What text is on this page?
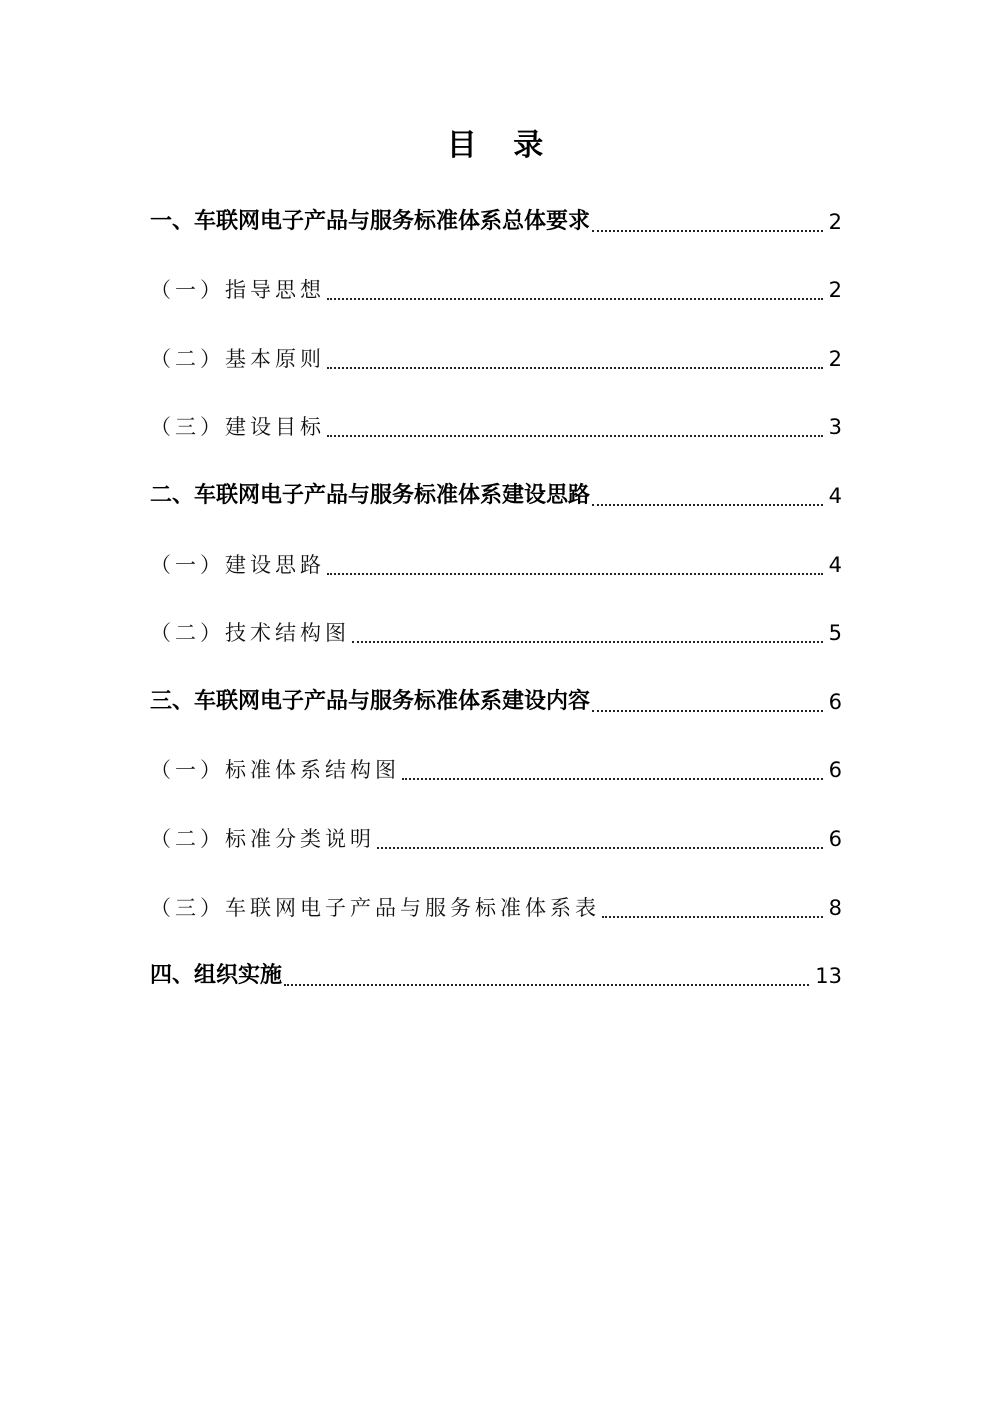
目 录
一、车联网电子产品与服务标准体系总体要求	2
（一）指导思想	2
（二）基本原则	2
（三）建设目标	3
二、车联网电子产品与服务标准体系建设思路	4
（一）建设思路	4
（二）技术结构图	5
三、车联网电子产品与服务标准体系建设内容	6
（一）标准体系结构图	6
（二）标准分类说明	6
（三）车联网电子产品与服务标准体系表	8
四、组织实施	13
